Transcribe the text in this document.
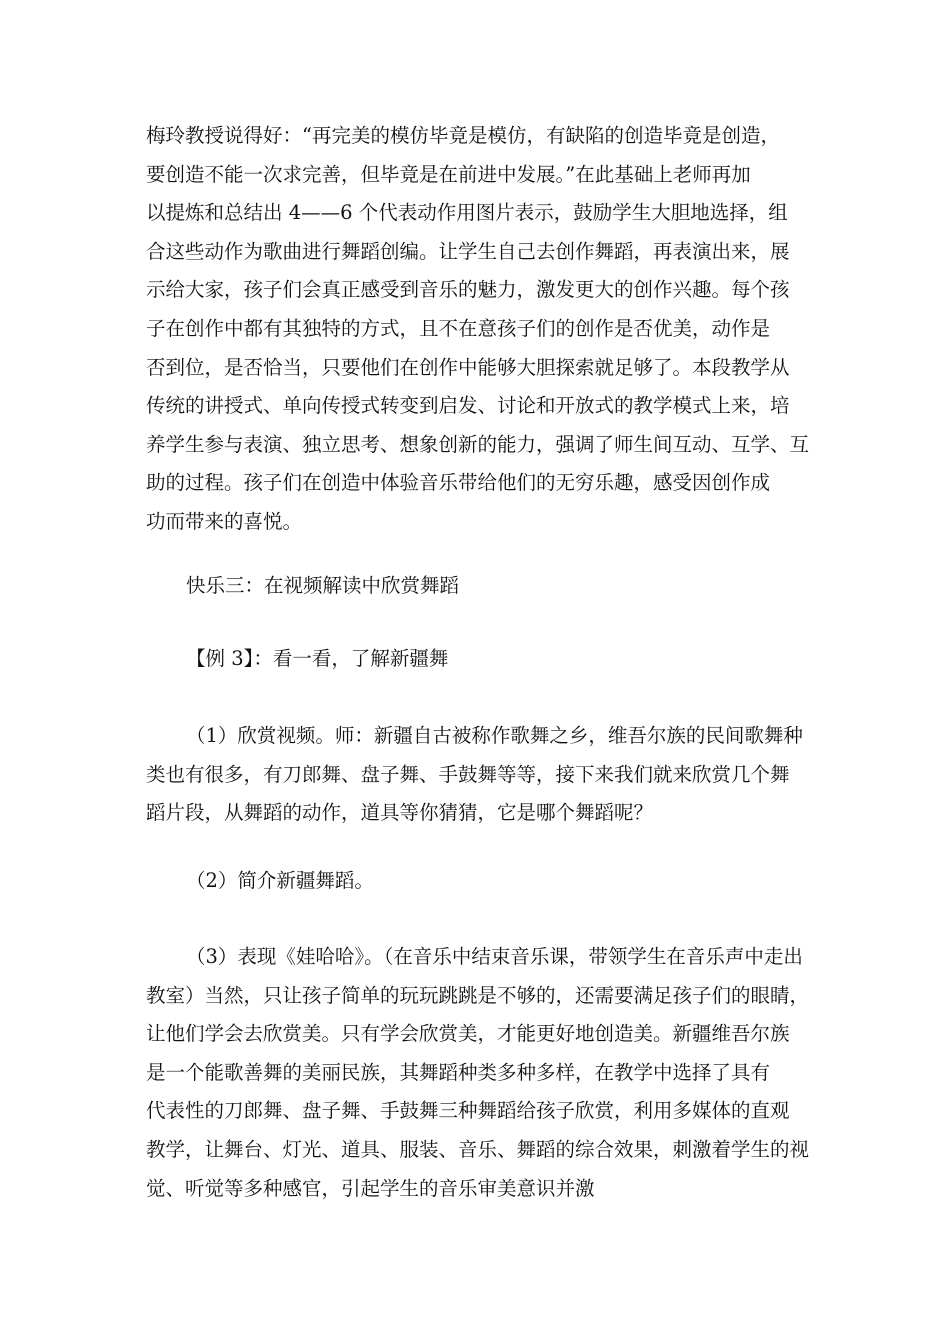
梅玲教授说得好：“再完美的模仿毕竟是模仿，有缺陷的创造毕竟是创造，
要创造不能一次求完善，但毕竟是在前进中发展。”在此基础上老师再加
以提炼和总结出 4——6 个代表动作用图片表示，鼓励学生大胆地选择，组
合这些动作为歌曲进行舞蹈创编。让学生自己去创作舞蹈，再表演出来，展
示给大家，孩子们会真正感受到音乐的魅力，激发更大的创作兴趣。每个孩
子在创作中都有其独特的方式，且不在意孩子们的创作是否优美，动作是
否到位，是否恰当，只要他们在创作中能够大胆探索就足够了。本段教学从
传统的讲授式、单向传授式转变到启发、讨论和开放式的教学模式上来，培
养学生参与表演、独立思考、想象创新的能力，强调了师生间互动、互学、互
助的过程。孩子们在创造中体验音乐带给他们的无穷乐趣，感受因创作成
功而带来的喜悦。
快乐三：在视频解读中欣赏舞蹈
【例 3】：看一看，了解新疆舞
（1）欣赏视频。师：新疆自古被称作歌舞之乡，维吾尔族的民间歌舞种
类也有很多，有刀郎舞、盘子舞、手鼓舞等等，接下来我们就来欣赏几个舞
蹈片段，从舞蹈的动作，道具等你猜猜，它是哪个舞蹈呢？
（2）简介新疆舞蹈。
（3）表现《娃哈哈》。（在音乐中结束音乐课，带领学生在音乐声中走出
教室）当然，只让孩子简单的玩玩跳跳是不够的，还需要满足孩子们的眼睛，
让他们学会去欣赏美。只有学会欣赏美，才能更好地创造美。新疆维吾尔族
是一个能歌善舞的美丽民族，其舞蹈种类多种多样，在教学中选择了具有
代表性的刀郎舞、盘子舞、手鼓舞三种舞蹈给孩子欣赏，利用多媒体的直观
教学，让舞台、灯光、道具、服装、音乐、舞蹈的综合效果，刺激着学生的视
觉、听觉等多种感官，引起学生的音乐审美意识并激
